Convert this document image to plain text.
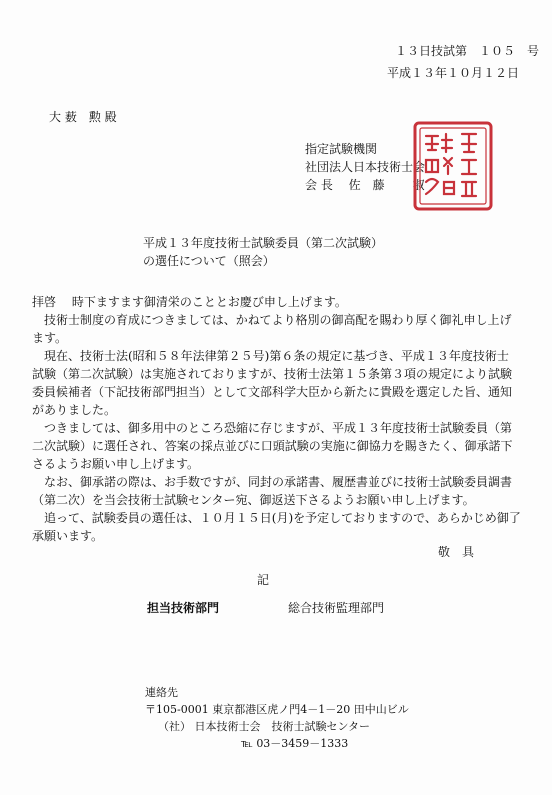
１３日技試第　１０５　号
平成１３年１０月１２日
大 薮　勲 殿
指定試験機関
社団法人日本技術士会
会 長　 佐　藤　　 淑
平成１３年度技術士試験委員（第二次試験）
の選任について（照会）
拝啓　 時下ますます御清栄のこととお慶び申し上げます。
　技術士制度の育成につきましては、かねてより格別の御高配を賜わり厚く御礼申し上げ
ます。
　現在、技術士法(昭和５８年法律第２５号)第６条の規定に基づき、平成１３年度技術士
試験（第二次試験）は実施されておりますが、技術士法第１５条第３項の規定により試験
委員候補者（下記技術部門担当）として文部科学大臣から新たに貴殿を選定した旨、通知
がありました。
　つきましては、御多用中のところ恐縮に存じますが、平成１３年度技術士試験委員（第
二次試験）に選任され、答案の採点並びに口頭試験の実施に御協力を賜きたく、御承諾下
さるようお願い申し上げます。
　なお、御承諾の際は、お手数ですが、同封の承諾書、履歴書並びに技術士試験委員調書
（第二次）を当会技術士試験センター宛、御返送下さるようお願い申し上げます。
　追って、試験委員の選任は、１０月１５日(月)を予定しておりますので、あらかじめ御了
承願います。
敬　具
記
担当技術部門	総合技術監理部門
連絡先
〒105-0001 東京都港区虎ノ門4－1－20 田中山ビル
（社） 日本技術士会　技術士試験センター
℡ 03－3459－1333
